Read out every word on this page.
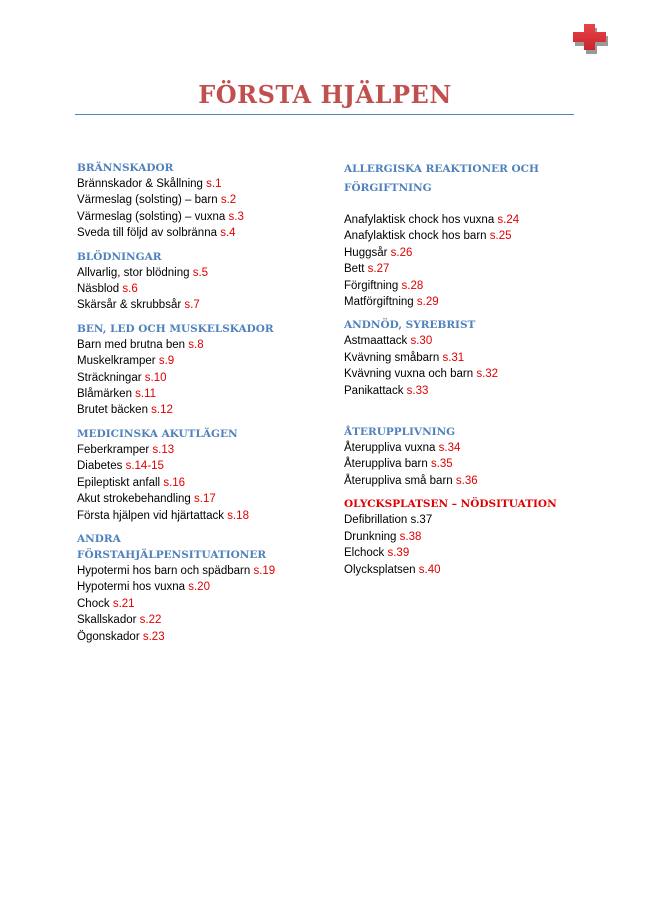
FÖRSTA HJÄLPEN
BRÄNNSKADOR
Brännskador & Skållning s.1
Värmeslag (solsting) – barn s.2
Värmeslag (solsting) – vuxna s.3
Sveda till följd av solbränna s.4
BLÖDNINGAR
Allvarlig, stor blödning s.5
Näsblod s.6
Skärsår & skrubbsår s.7
BEN, LED OCH MUSKELSKADOR
Barn med brutna ben s.8
Muskelkramper s.9
Sträckningar s.10
Blåmärken s.11
Brutet bäcken s.12
MEDICINSKA AKUTLÄGEN
Feberkramper s.13
Diabetes s.14-15
Epileptiskt anfall s.16
Akut strokebehandling s.17
Första hjälpen vid hjärtattack s.18
ANDRA FÖRSTAHJÄLPENSITUATIONER
Hypotermi hos barn och spädbarn s.19
Hypotermi hos vuxna s.20
Chock s.21
Skallskador s.22
Ögonskador s.23
ALLERGISKA REAKTIONER OCH FÖRGIFTNING
Anafylaktisk chock hos vuxna s.24
Anafylaktisk chock hos barn s.25
Huggsår s.26
Bett s.27
Förgiftning s.28
Matförgiftning s.29
ANDNÖD, SYREBRIST
Astmaattack s.30
Kvävning småbarn s.31
Kvävning vuxna och barn s.32
Panikattack s.33
ÅTERUPPLIVNING
Återuppliva vuxna s.34
Återuppliva barn s.35
Återuppliva små barn s.36
OLYCKSPLATSEN – NÖDSITUATION
Defibrillation s.37
Drunkning s.38
Elchock s.39
Olycksplatsen s.40
